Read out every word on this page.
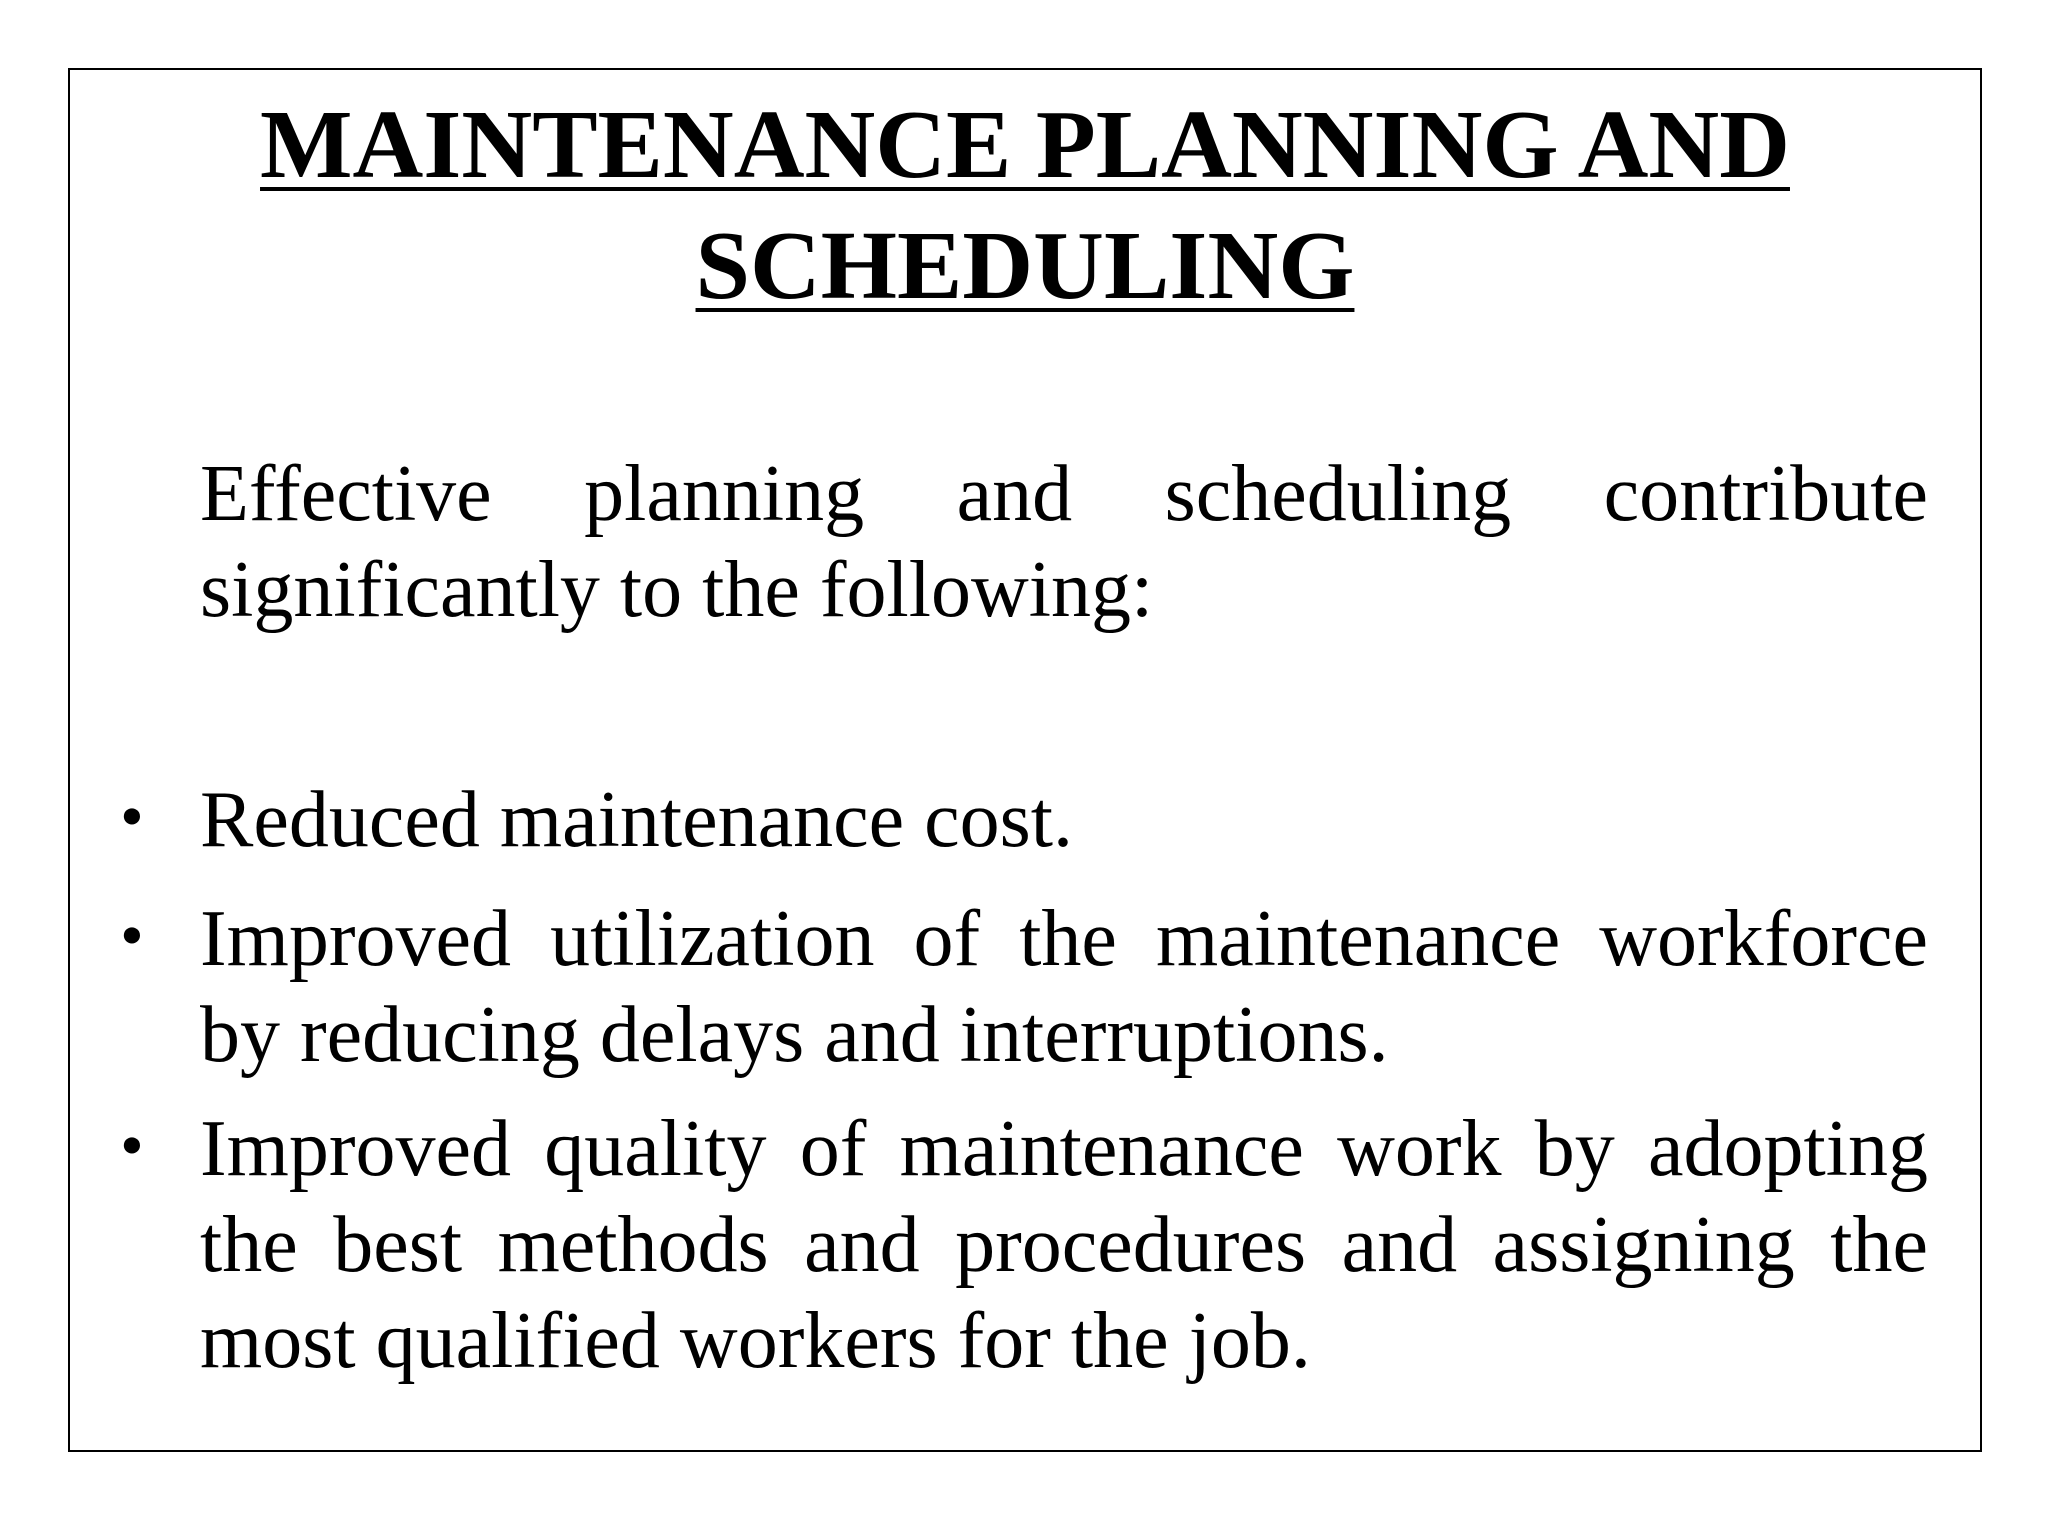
MAINTENANCE PLANNING AND
SCHEDULING
Effective planning and scheduling contribute significantly to the following:
• Reduced maintenance cost.
• Improved utilization of the maintenance workforce by reducing delays and interruptions.
• Improved quality of maintenance work by adopting the best methods and procedures and assigning the most qualified workers for the job.
